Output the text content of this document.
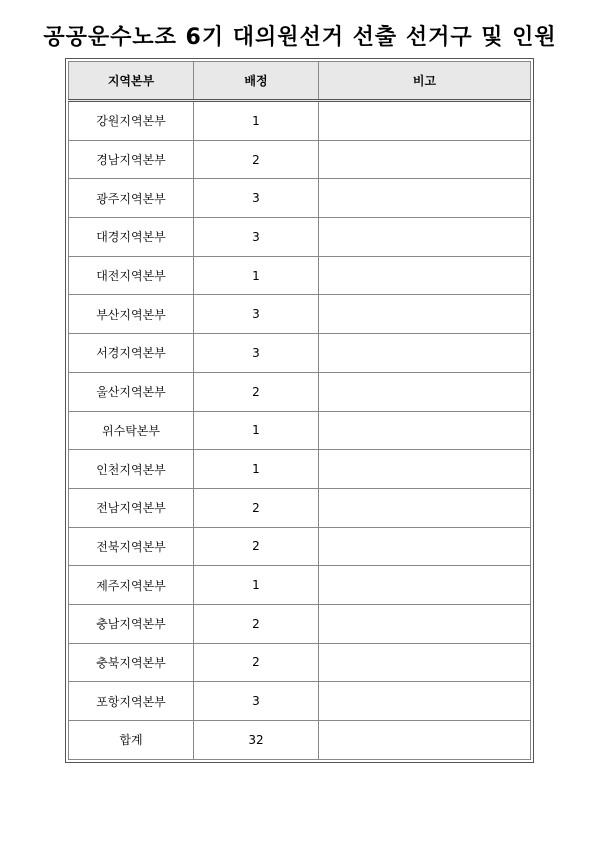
공공운수노조 6기 대의원선거 선출 선거구 및 인원
지역본부	배정	비고
강원지역본부	1	
경남지역본부	2	
광주지역본부	3	
대경지역본부	3	
대전지역본부	1	
부산지역본부	3	
서경지역본부	3	
울산지역본부	2	
위수탁본부	1	
인천지역본부	1	
전남지역본부	2	
전북지역본부	2	
제주지역본부	1	
충남지역본부	2	
충북지역본부	2	
포항지역본부	3	
합계	32	
